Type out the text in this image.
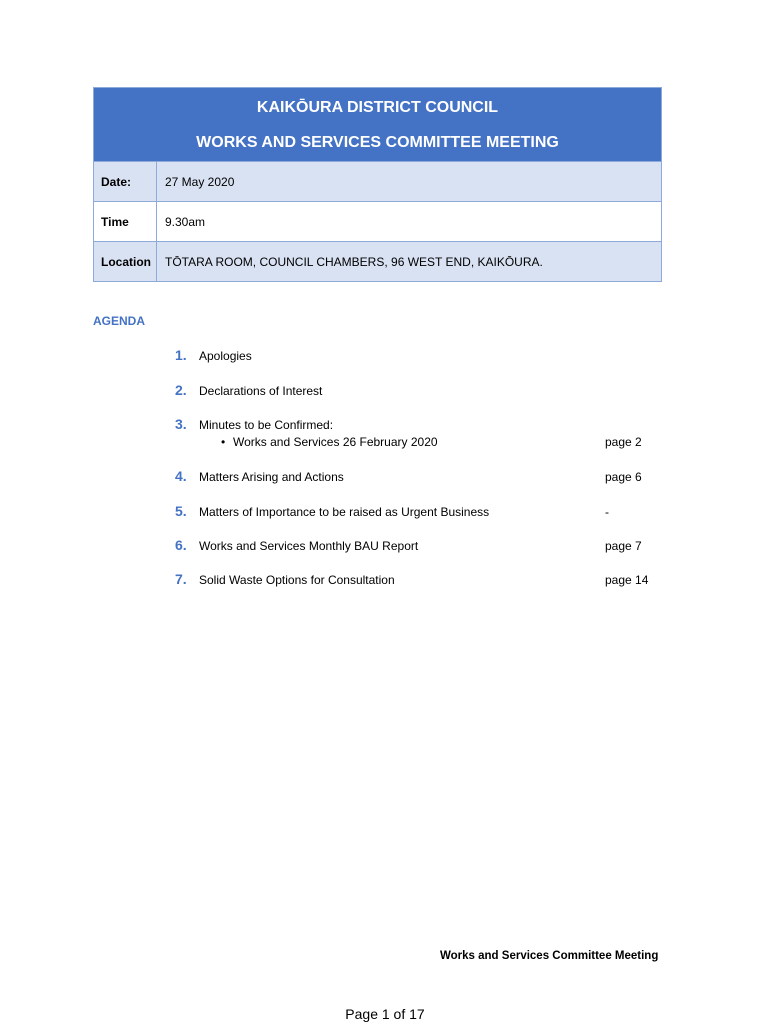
KAIKŌURA DISTRICT COUNCIL
WORKS AND SERVICES COMMITTEE MEETING
Date:	27 May 2020
Time	9.30am
Location	TŌTARA ROOM, COUNCIL CHAMBERS, 96 WEST END, KAIKŌURA.
AGENDA
1. Apologies
2. Declarations of Interest
3. Minutes to be Confirmed:
• Works and Services 26 February 2020	page 2
4. Matters Arising and Actions	page 6
5. Matters of Importance to be raised as Urgent Business	-
6. Works and Services Monthly BAU Report	page 7
7. Solid Waste Options for Consultation	page 14
Works and Services Committee Meeting
Page 1 of 17
